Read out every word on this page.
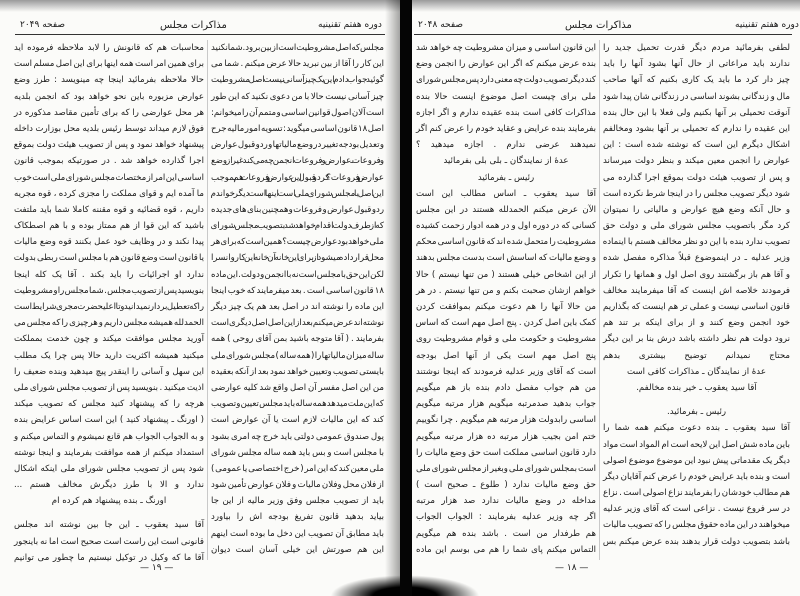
صفحه ۲۰۴۹	مذاکرات مجلس	دوره هفتم تقنینیه	صفحه ۲۰۴۸	مذاکرات مجلس	دوره هفتم تقنینیه
محاسبات هم که قانونش را لابد ملاحظه فرموده اید
برای همین امر است همه اینها برای این اصل مسلم است
حالا ملاحظه بفرمائید اینجا چه مینویسد : طرز وضع
عوارض مزبوره باین نحو خواهد بود که انجمن بلدیه
هر محل عوارضی را که برای تأمین مقاصد مذکوره در
فوق لازم میداند توسط رئیس بلدیه محل بوزارت داخله
پیشنهاد خواهد نمود و پس از تصویب هیئت دولت بموقع
اجرا گذارده خواهد شد . در صورتیکه بموجب قانون
اساسی این امر از مختصات مجلس شورای ملی است خوب
ما آمده ایم و قوای مملکت را مجزی کرده ، قوه مجریه
داریم ، قوه قضائیه و قوه مقننه کاملا شما باید ملتفت
باشید که این قوا از هم ممتاز بوده و با هم اصطکاک
پیدا نکند و در وظایف خود عمل بکنند قوه وضع مالیات
یا قانون است وضع قانون هم با مجلس است ربطی بدولت
ندارد او اجرائیات را باید بکند . آقا یک کله اینجا
بنویسید پس از تصویب مجلس . شما مجلس را و مشروطیت
را که تعطیل بردار نمیدانید و تا اعلیحضرت مجری شرایط است
الحمدلله همیشه مجلس داریم و هرچیزی را که مجلس می
آورید مجلس موافقت میکند و چون خدمت بمملکت
میکنید همیشه اکثریت دارید حالا پس چرا یک مطلب
این سهل و آسانی را اینقدر پیچ میدهید وبنده ضعیف را
اذیت میکنید . بنویسید پس از تصویب مجلس شورای ملی
هرچه را که پیشنهاد کنید مجلس که تصویب میکند
( اورنگ ـ پیشنهاد کنید ) این است اساس عرایض بنده
و به الجواب الجواب هم قانع نمیشوم و التماس میکنم و
استمداد میکنم از همه موافقت بفرمایند و اینجا نوشته
شود پس از تصویب مجلس شورای ملی اینکه اشکال
ندارد و الا با طرز دیگرش مخالف هستم ...
اورنگ ـ بنده پیشنهاد هم کرده ام
آقا سید یعقوب ـ این جا بین نوشته اند مجلس
قانونی است این راست است صحیح است اما نه باینجور
آقا ما که وکیل در توکیل نیستیم ما چطور می توانیم
مجلس که اصل مشروطیت است از بین برود . شما نکنید
این کار را آقا از بین نبرید حالا عرض میکنم . شما می
گوئید جواب دادم این یک چیز آسانی نیست اصل مشروطیت
چیز آسانی نیست حالا با من دعوی نکنید که این طور
است آلان اصول قوانین اساسی و متمم آن را میخوانم:
اصل ۱۸ قانون اساسی میگوید : تسویه امور مالیه جرح
و تعدیل بودجه تغییر در وضع مالیاتها و ردو قبول عوارض
و فروعات ـ عوارض و فروعات انجمن چه می کند غیر از وضع
عوارض و فروعات؟ کردو قبول این عوارض و فروعات هم بموجب
این اصل با مجلس شورای ملی است اینها است دیگر خواندم
ردو قبول عوارض و فروعات وهمچنین بنای های جدیده
که از طرف دولت اقدام خواهد شد بتصویب مجلس شورای
ملی خواهد بود عوارض چیست؟ همین است که برای هر
محل قرارداده میشود از برای این خانه آن خانه این کاروانسرا
لکن این حق با مجلس است نه با انجمن و دولت . این ماده
۱۸ قانون اساسی است . بعد میفرمایند که خوب اینجا
این ماده را نوشته اند در اصل بعد هم یک چیز دیگر
نوشته اند عرض میکنم بعد از این اصل اصل دیگری است
بفرمایند . ( آقا متوجه باشید بمن آقای روحی ) همه
ساله میزان مالیاتها را ( همه ساله ) مجلس شورای ملی
بایستی تصویب وتعیین خواهد نمود بعد از آنکه بعقیده
من این اصل مفسر آن اصل واقع شد کلیه عوارضی
که این ملت میدهد همه ساله باید مجلس تعیین و تصویب
کند که این مالیات لازم است یا آن عوارض است
پول صندوق عمومی دولتی باید خرج چه امری بشود
با مجلس است و بس باید همه ساله مجلس شورای
ملی معین کند که این امر ( خرج اختصاصی یا عمومی )
از فلان محل وفلان مالیات و فلان عوارض تأمین شود
باید از تصویب مجلس وفق وزیر مالیه از این جا
بیاید بدهید قانون تفریغ بودجه اش را بیاورد
باید مطابق آن تصویب این دخل ما بوده است اینهم
این هم صورتش این خیلی آسان است دیوان
این قانون اساسی و میزان مشروطیت چه خواهد شد
بنده عرض میکنم که اگر این عوارض را انجمن وضع
کند دیگر تصویب دولت چه معنی دارد پس مجلس شورای
ملی برای چیست اصل موضوع اینست حالا بنده
مذاکرات کافی است بنده عقیده ندارم و اگر اجازه
بفرمایند بنده عرایض و عقاید خودم را عرض کنم اگر
نمیدهند عرضی ندارم . اجازه میدهید ؟
عدهٔ از نمایندگان ـ بلی بلی بفرمائید
رئیس ـ بفرمائید
آقا سید یعقوب ـ اساس مطالب این است
الآن عرض میکنم الحمدلله هستند در این مجلس
کسانی که در دوره اول و در همه ادوار زحمت کشیده
مشروطیت را متحمل شده اند که قانون اساسی محکم
و وضع مالیات که اساسش است بدست مجلس بدهند
از این اشخاص خیلی هستند ( من تنها نیستم ) حالا
خواهم ازشان صحبت بکنم و من تنها نیستم . در هر
من حالا آنها را هم دعوت میکنم بموافقت کردن
کمک باین اصل کردن . پنج اصل مهم است که اساس
مشروطیت و حکومت ملی و قوام مشروطیت روی
پنج اصل مهم است یکی از آنها اصل بودجه
است که آقای وزیر عدلیه فرمودند که اینجا نوشتند
من هم جواب مفصل دادم بنده باز هم میگویم
جواب بدهید صدمرتبه میگویم هزار مرتبه میگویم
اساسی رابدولت هزار مرتبه هم میگویم . چرا نگوییم
ختم امن بجیب هزار مرتبه ده هزار مرتبه میگویم
دارد قانون اساسی مملکت است حق وضع مالیات را
است بمجلس شورای ملی وبغیر از مجلس شورای ملی
حق وضع مالیات ندارد ( طلوع ـ صحیح است )
مداخله در وضع مالیات ندارد صد هزار مرتبه
اگر چه وزیر عدلیه بفرمایند : الجواب الجواب
هم طرفدار من است . باشد بنده هم میگویم
التماس میکنم پای شما را هم می بوسم این ماده
لطفی بفرمائید مردم دیگر قدرت تحمیل جدید را
ندارند باید مراعاتی از حال آنها بشود آنها را باید
چیز دار کرد ما باید یک کاری بکنیم که آنها صاحب
مال و زندگانی بشوند اساسی در زندگانی شان پیدا شود
آنوقت تحمیلی بر آنها بکنیم ولی فعلا با این حال بنده
این عقیده را ندارم که تحمیلی بر آنها بشود ومخالفم
اشکال دیگرم این است که نوشته شده است : این
عوارض را انجمن معین میکند و بنظر دولت میرساند
و پس از تصویب هیئت دولت بموقع اجرا گذارده می
شود دیگر تصویب مجلس را در اینجا شرط نکرده است
و حال آنکه وضع هیچ عوارض و مالیاتی را نمیتوان
کرد مگر باتصویب مجلس شورای ملی و دولت حق
تصویب ندارد بنده با این دو نظر مخالف هستم با اینماده
وزیر عدلیه ـ در اینموضوع قبلاً مذاکره مفصل شده
و آقا هم باز برگشتند روی اصل اول و همانها را تکرار
فرمودند خلاصه اش اینست که آقا میفرمایند مخالف
قانون اساسی نیست و عملی تر هم اینست که بگذاریم
خود انجمن وضع کنند و از برای اینکه بر تند هم
نرود دولت هم نظر داشته باشد درش بنا بر این دیگر
محتاج نمیدانم توضیح بیشتری بدهم
عدهٔ از نمایندگان ـ مذاکرات کافی است
آقا سید یعقوب ـ خیر بنده مخالفم.
رئیس ـ بفرمائید.
آقا سید یعقوب ـ بنده دعوت میکنم همه شما را
باین ماده شش اصل این لایحه است ام المواد است مواد
دیگر یک مقدماتی پیش نبود این موضوع موضوع اصولی
است و بنده باید عرایض خودم را عرض کنم آقایان دیگر
هم مطالب خودشان را بفرمایند نزاع اصولی است . نزاع
در سر فروع نیست . نزاعی است که آقای وزیر عدلیه
میخواهند در این ماده حقوق مجلس را که تصویب مالیات
باشد بتصویب دولت قرار بدهند بنده عرض میکنم بس
— ۱۹ —	— ۱۸ —
